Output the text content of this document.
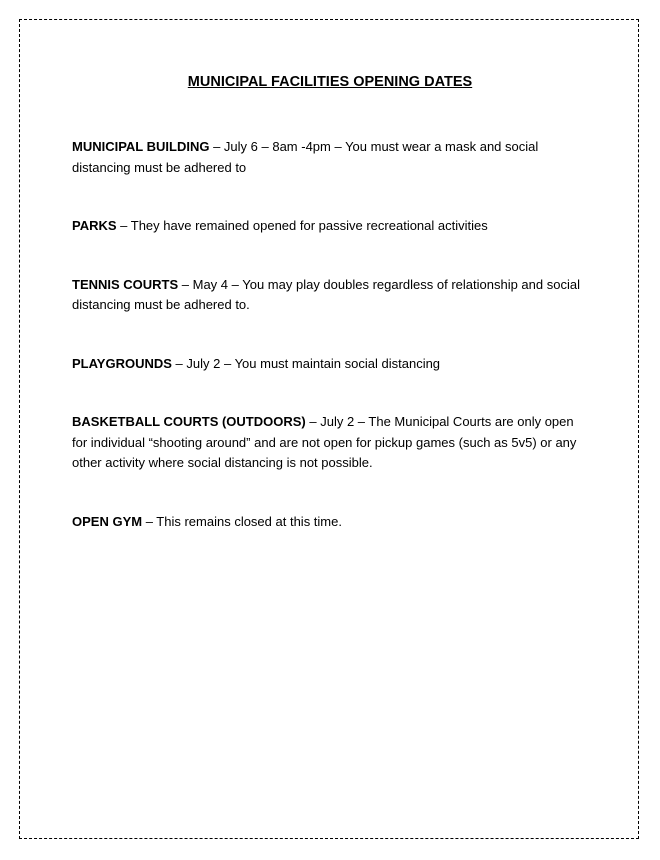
MUNICIPAL FACILITIES OPENING DATES
MUNICIPAL BUILDING – July 6 – 8am -4pm – You must wear a mask and social distancing must be adhered to
PARKS – They have remained opened for passive recreational activities
TENNIS COURTS – May 4 – You may play doubles regardless of relationship and social distancing must be adhered to.
PLAYGROUNDS – July 2 – You must maintain social distancing
BASKETBALL COURTS (OUTDOORS) – July 2 – The Municipal Courts are only open for individual “shooting around” and are not open for pickup games (such as 5v5) or any other activity where social distancing is not possible.
OPEN GYM – This remains closed at this time.
